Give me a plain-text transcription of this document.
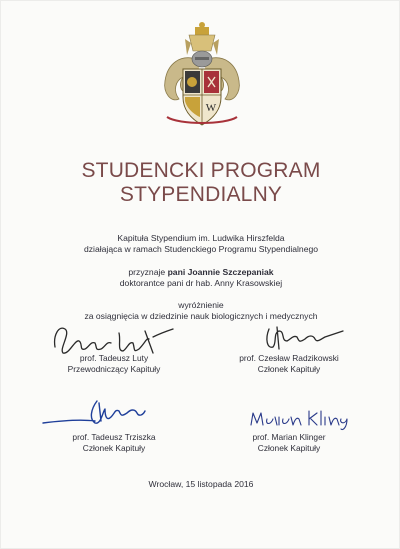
W
STUDENCKI PROGRAM STYPENDIALNY
Kapituła Stypendium im. Ludwika Hirszfelda
działająca w ramach Studenckiego Programu Stypendialnego
przyznaje pani Joannie Szczepaniak
doktorantce pani dr hab. Anny Krasowskiej
wyróżnienie
za osiągnięcia w dziedzinie nauk biologicznych i medycznych
prof. Tadeusz Luty
Przewodniczący Kapituły
prof. Czesław Radzikowski
Członek Kapituły
prof. Tadeusz Trziszka
Członek Kapituły
prof. Marian Klinger
Członek Kapituły
Wrocław, 15 listopada 2016
